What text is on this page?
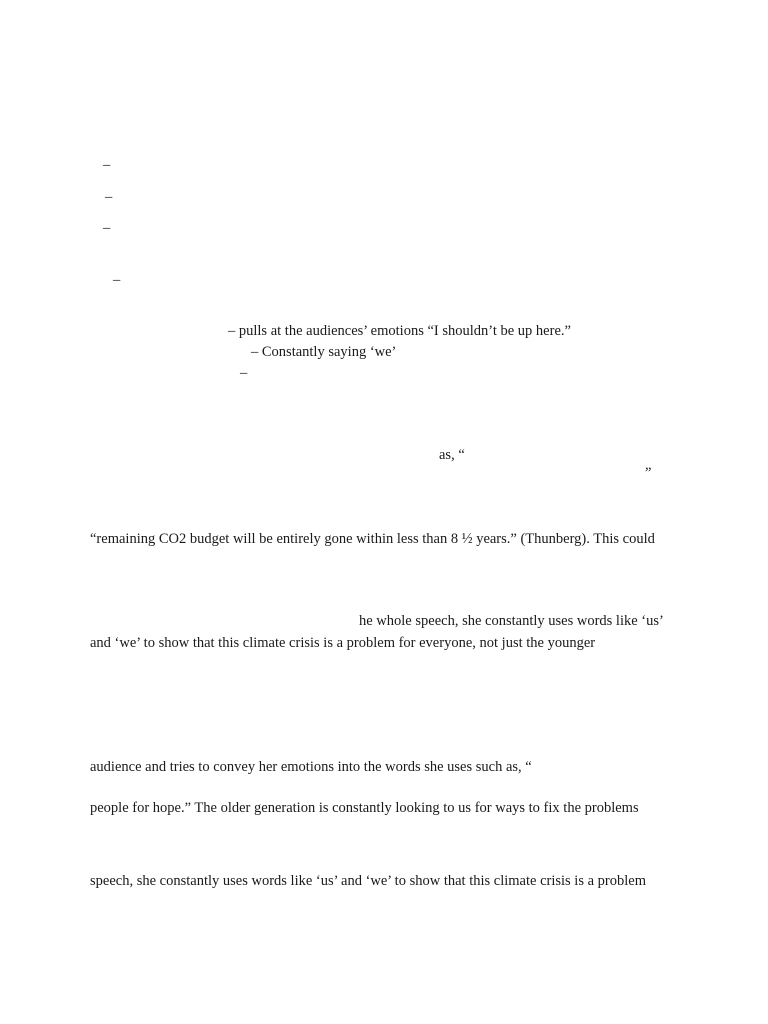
–
–
–
–
– pulls at the audiences’ emotions “I shouldn’t be up here.”
– Constantly saying ‘we’
–
as, “
”
“remaining CO2 budget will be entirely gone within less than 8 ½ years.” (Thunberg). This could
he whole speech, she constantly uses words like ‘us’
and ‘we’ to show that this climate crisis is a problem for everyone, not just the younger
audience and tries to convey her emotions into the words she uses such as, “
people for hope.” The older generation is constantly looking to us for ways to fix the problems
speech, she constantly uses words like ‘us’ and ‘we’ to show that this climate crisis is a problem
